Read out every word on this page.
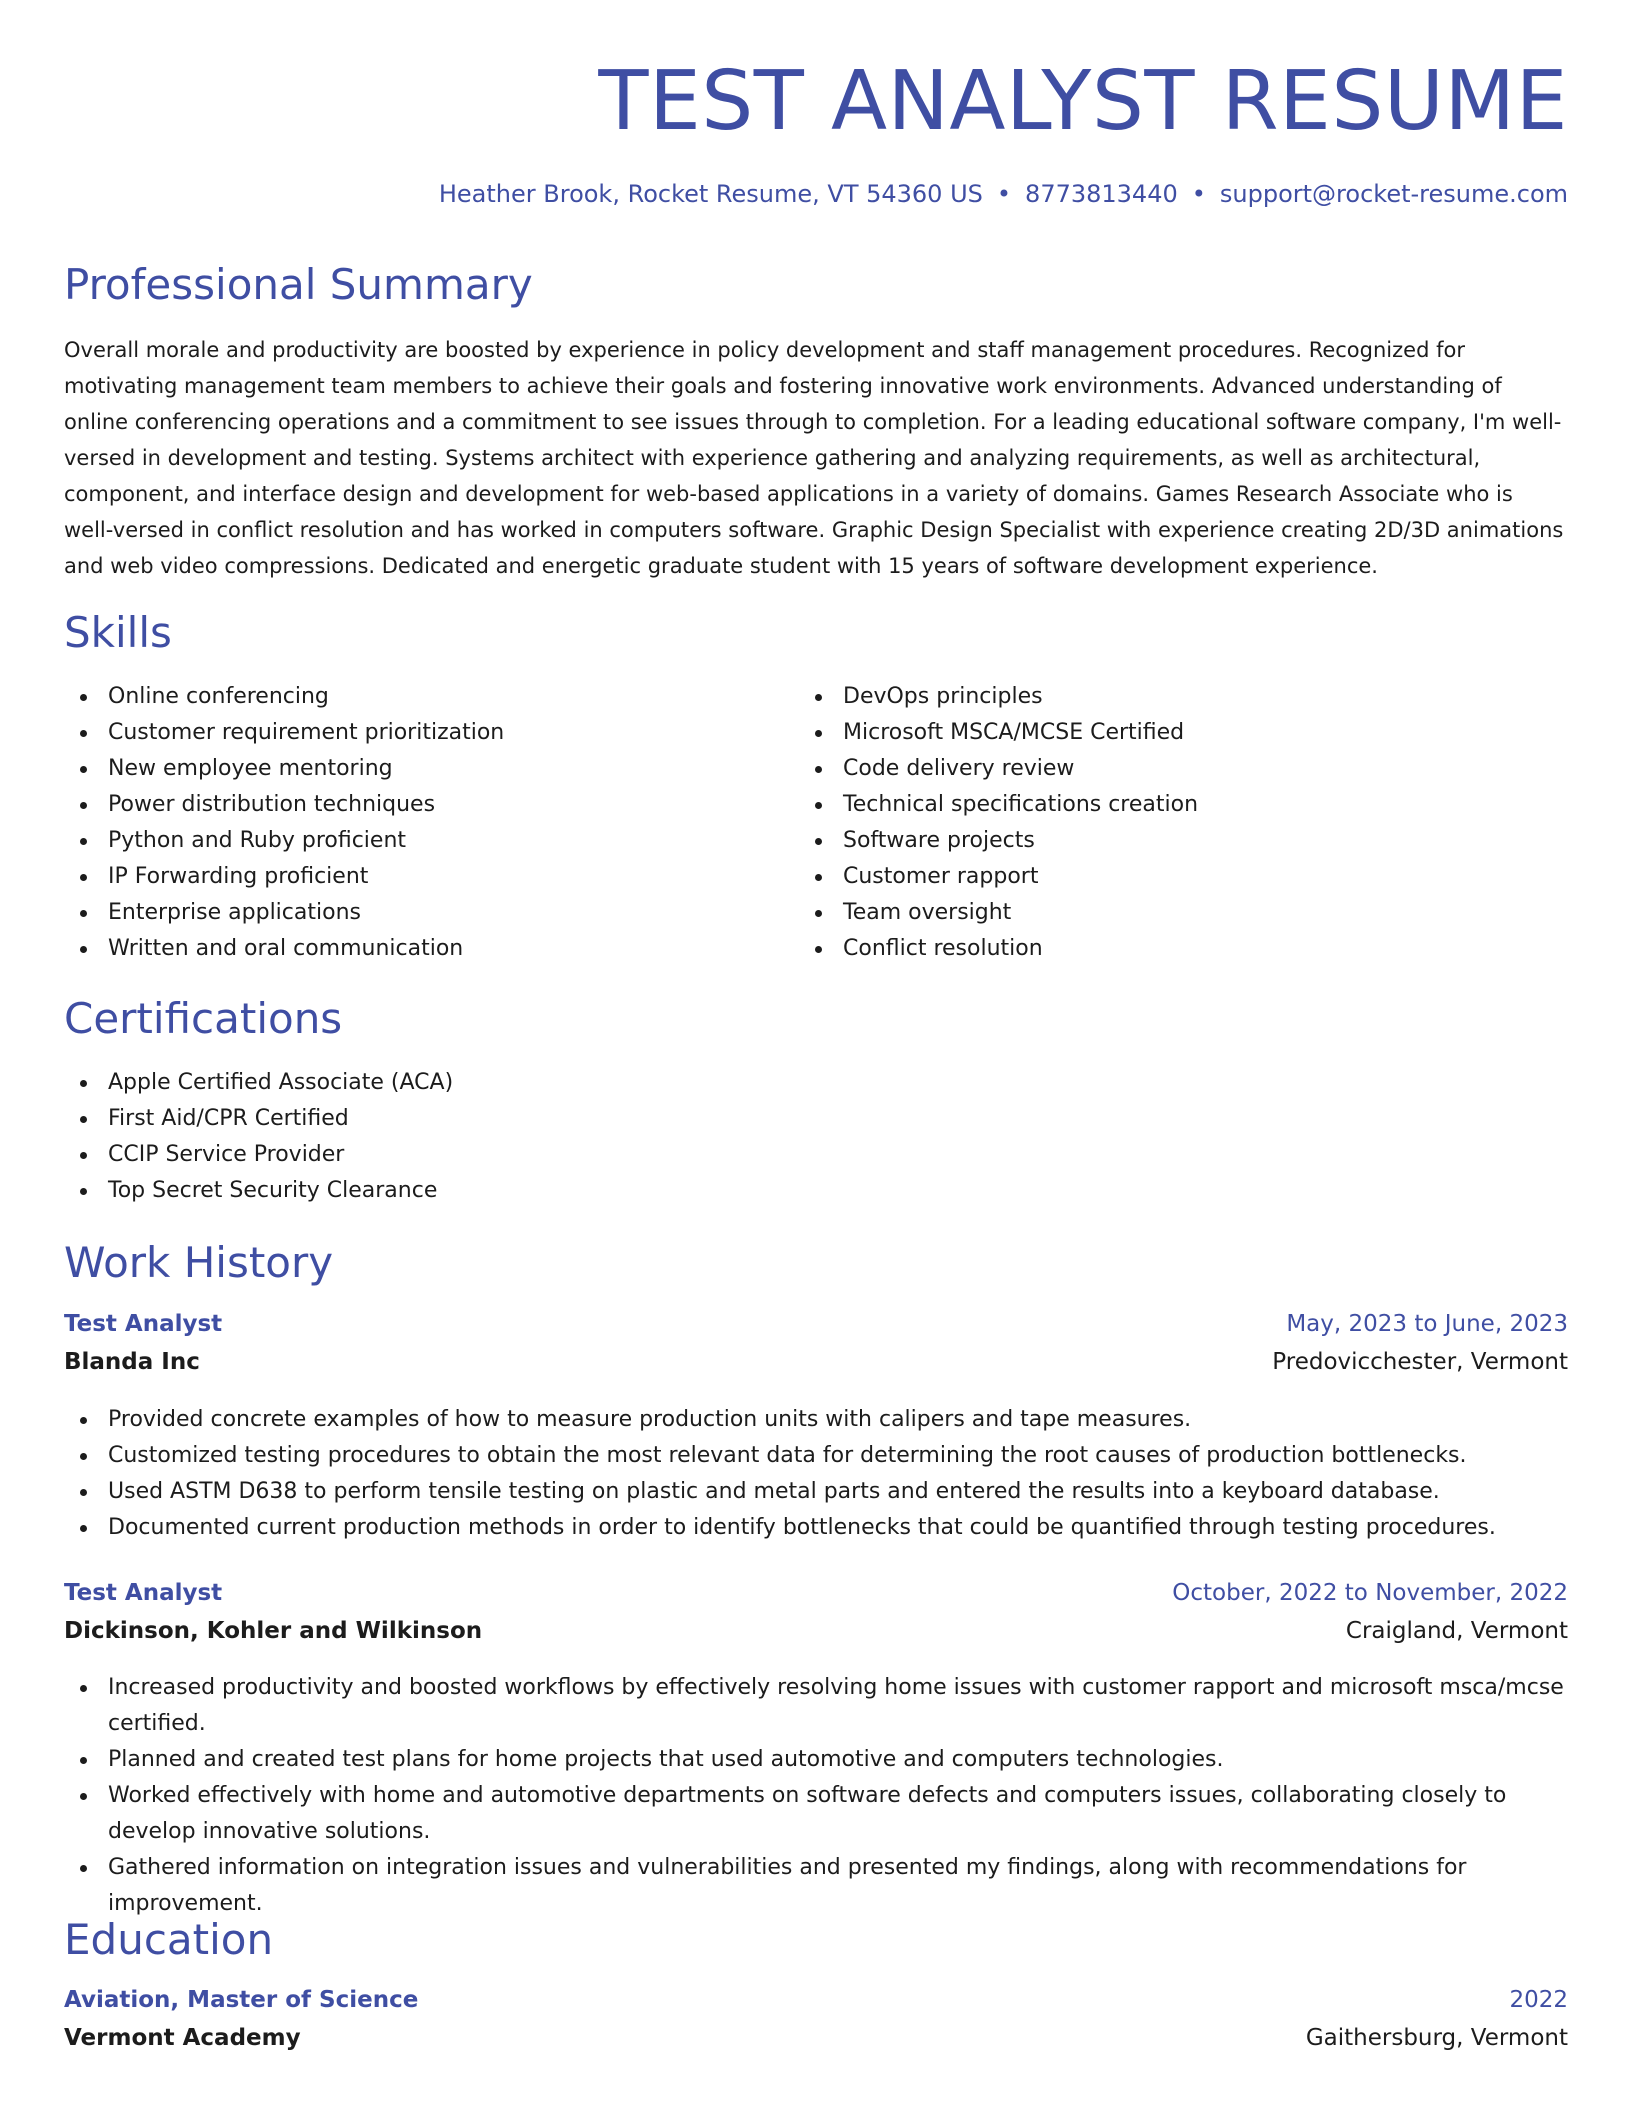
TEST ANALYST RESUME
Heather Brook, Rocket Resume, VT 54360 US • 8773813440 • support@rocket-resume.com
Professional Summary

Overall morale and productivity are boosted by experience in policy development and staff management procedures. Recognized for motivating management team members to achieve their goals and fostering innovative work environments. Advanced understanding of online conferencing operations and a commitment to see issues through to completion. For a leading educational software company, I'm well-versed in development and testing. Systems architect with experience gathering and analyzing requirements, as well as architectural, component, and interface design and development for web-based applications in a variety of domains. Games Research Associate who is well-versed in conflict resolution and has worked in computers software. Graphic Design Specialist with experience creating 2D/3D animations and web video compressions. Dedicated and energetic graduate student with 15 years of software development experience.

Skills
Online conferencing
Customer requirement prioritization
New employee mentoring
Power distribution techniques
Python and Ruby proficient
IP Forwarding proficient
Enterprise applications
Written and oral communication
DevOps principles
Microsoft MSCA/MCSE Certified
Code delivery review
Technical specifications creation
Software projects
Customer rapport
Team oversight
Conflict resolution
Certifications
Apple Certified Associate (ACA)
First Aid/CPR Certified
CCIP Service Provider
Top Secret Security Clearance
Work History
Test Analyst	May, 2023 to June, 2023
Blanda Inc	Predovicchester, Vermont
Provided concrete examples of how to measure production units with calipers and tape measures.
Customized testing procedures to obtain the most relevant data for determining the root causes of production bottlenecks.
Used ASTM D638 to perform tensile testing on plastic and metal parts and entered the results into a keyboard database.
Documented current production methods in order to identify bottlenecks that could be quantified through testing procedures.
Test Analyst	October, 2022 to November, 2022
Dickinson, Kohler and Wilkinson	Craigland, Vermont
Increased productivity and boosted workflows by effectively resolving home issues with customer rapport and microsoft msca/mcse certified.
Planned and created test plans for home projects that used automotive and computers technologies.
Worked effectively with home and automotive departments on software defects and computers issues, collaborating closely to develop innovative solutions.
Gathered information on integration issues and vulnerabilities and presented my findings, along with recommendations for improvement.
Education
Aviation, Master of Science	2022
Vermont Academy	Gaithersburg, Vermont
